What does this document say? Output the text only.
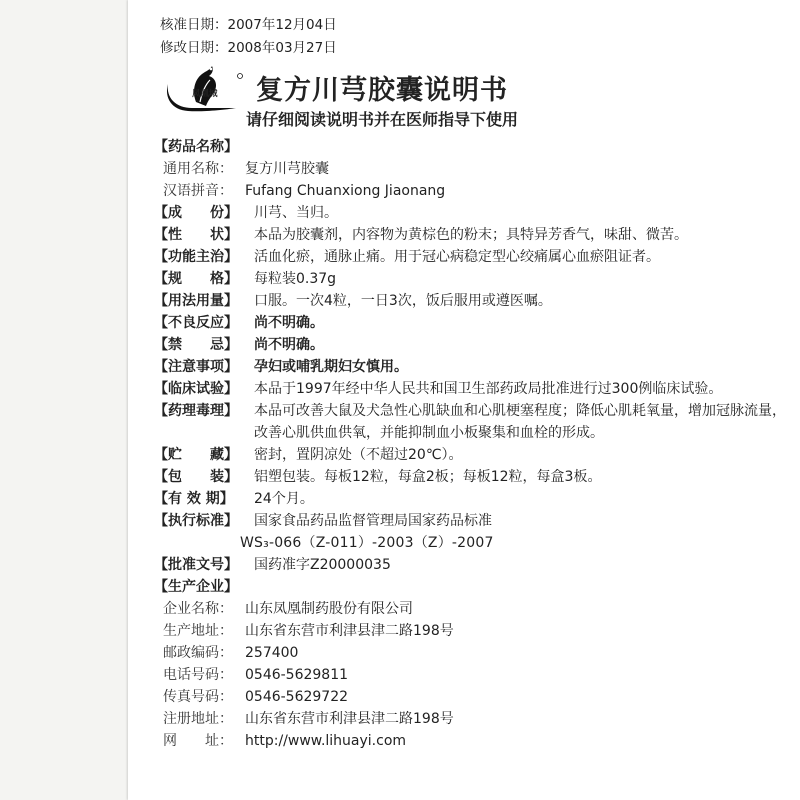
核准日期：2007年12月04日
修改日期：2008年03月27日
凤凰城 复方川芎胶囊说明书
请仔细阅读说明书并在医师指导下使用
【药品名称】
通用名称： 复方川芎胶囊
汉语拼音： Fufang Chuanxiong Jiaonang
【成　　份】	川芎、当归。
【性　　状】	本品为胶囊剂，内容物为黄棕色的粉末；具特异芳香气，味甜、微苦。
【功能主治】	活血化瘀，通脉止痛。用于冠心病稳定型心绞痛属心血瘀阻证者。
【规　　格】	每粒装0.37g
【用法用量】	口服。一次4粒，一日3次，饭后服用或遵医嘱。
【不良反应】	尚不明确。
【禁　　忌】	尚不明确。
【注意事项】	孕妇或哺乳期妇女慎用。
【临床试验】	本品于1997年经中华人民共和国卫生部药政局批准进行过300例临床试验。
【药理毒理】	本品可改善大鼠及犬急性心肌缺血和心肌梗塞程度；降低心肌耗氧量，增加冠脉流量，改善心肌供血供氧，并能抑制血小板聚集和血栓的形成。
【贮　　藏】	密封，置阴凉处（不超过20℃）。
【包　　装】	铝塑包装。每板12粒，每盒2板；每板12粒，每盒3板。
【有 效 期】	24个月。
【执行标准】	国家食品药品监督管理局国家药品标准
WS₃-066（Z-011）-2003（Z）-2007
【批准文号】	国药准字Z20000035
【生产企业】
企业名称： 山东凤凰制药股份有限公司
生产地址： 山东省东营市利津县津二路198号
邮政编码： 257400
电话号码： 0546-5629811
传真号码： 0546-5629722
注册地址： 山东省东营市利津县津二路198号
网　　址： http://www.lihuayi.com
